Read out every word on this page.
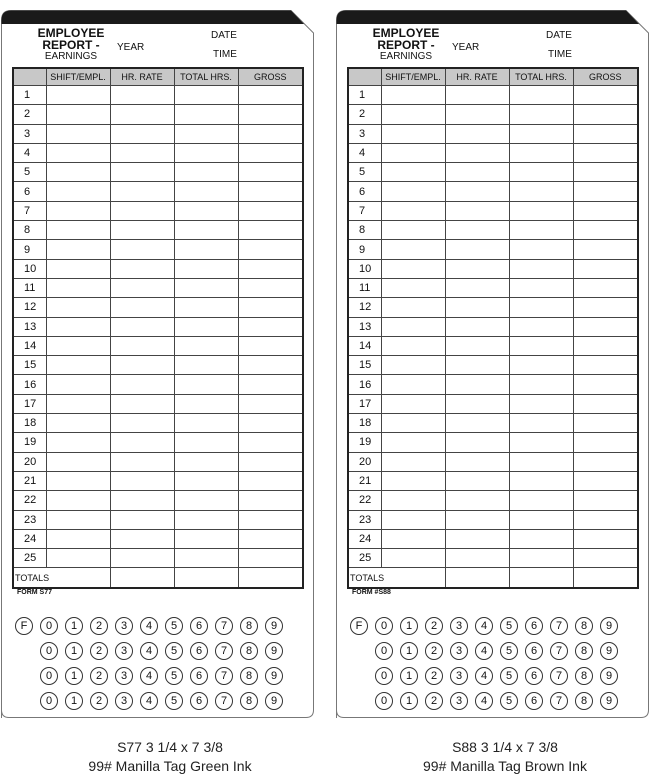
EMPLOYEE
REPORT -
EARNINGS
YEAR
DATE
TIME
	SHIFT/EMPL.	HR. RATE	TOTAL HRS.	GROSS
1				
2				
3				
4				
5				
6				
7				
8				
9				
10				
11				
12				
13				
14				
15				
16				
17				
18				
19				
20				
21				
22				
23				
24				
25				
TOTALS				
FORM S77
F	0	1	2	3	4	5	6	7	8	9
0	1	2	3	4	5	6	7	8	9
0	1	2	3	4	5	6	7	8	9
0	1	2	3	4	5	6	7	8	9
EMPLOYEE
REPORT -
EARNINGS
YEAR
DATE
TIME
	SHIFT/EMPL.	HR. RATE	TOTAL HRS.	GROSS
1				
2				
3				
4				
5				
6				
7				
8				
9				
10				
11				
12				
13				
14				
15				
16				
17				
18				
19				
20				
21				
22				
23				
24				
25				
TOTALS				
FORM #S88
F	0	1	2	3	4	5	6	7	8	9
0	1	2	3	4	5	6	7	8	9
0	1	2	3	4	5	6	7	8	9
0	1	2	3	4	5	6	7	8	9
S77 3 1/4 x 7 3/8
99# Manilla Tag Green Ink
S88 3 1/4 x 7 3/8
99# Manilla Tag Brown Ink
